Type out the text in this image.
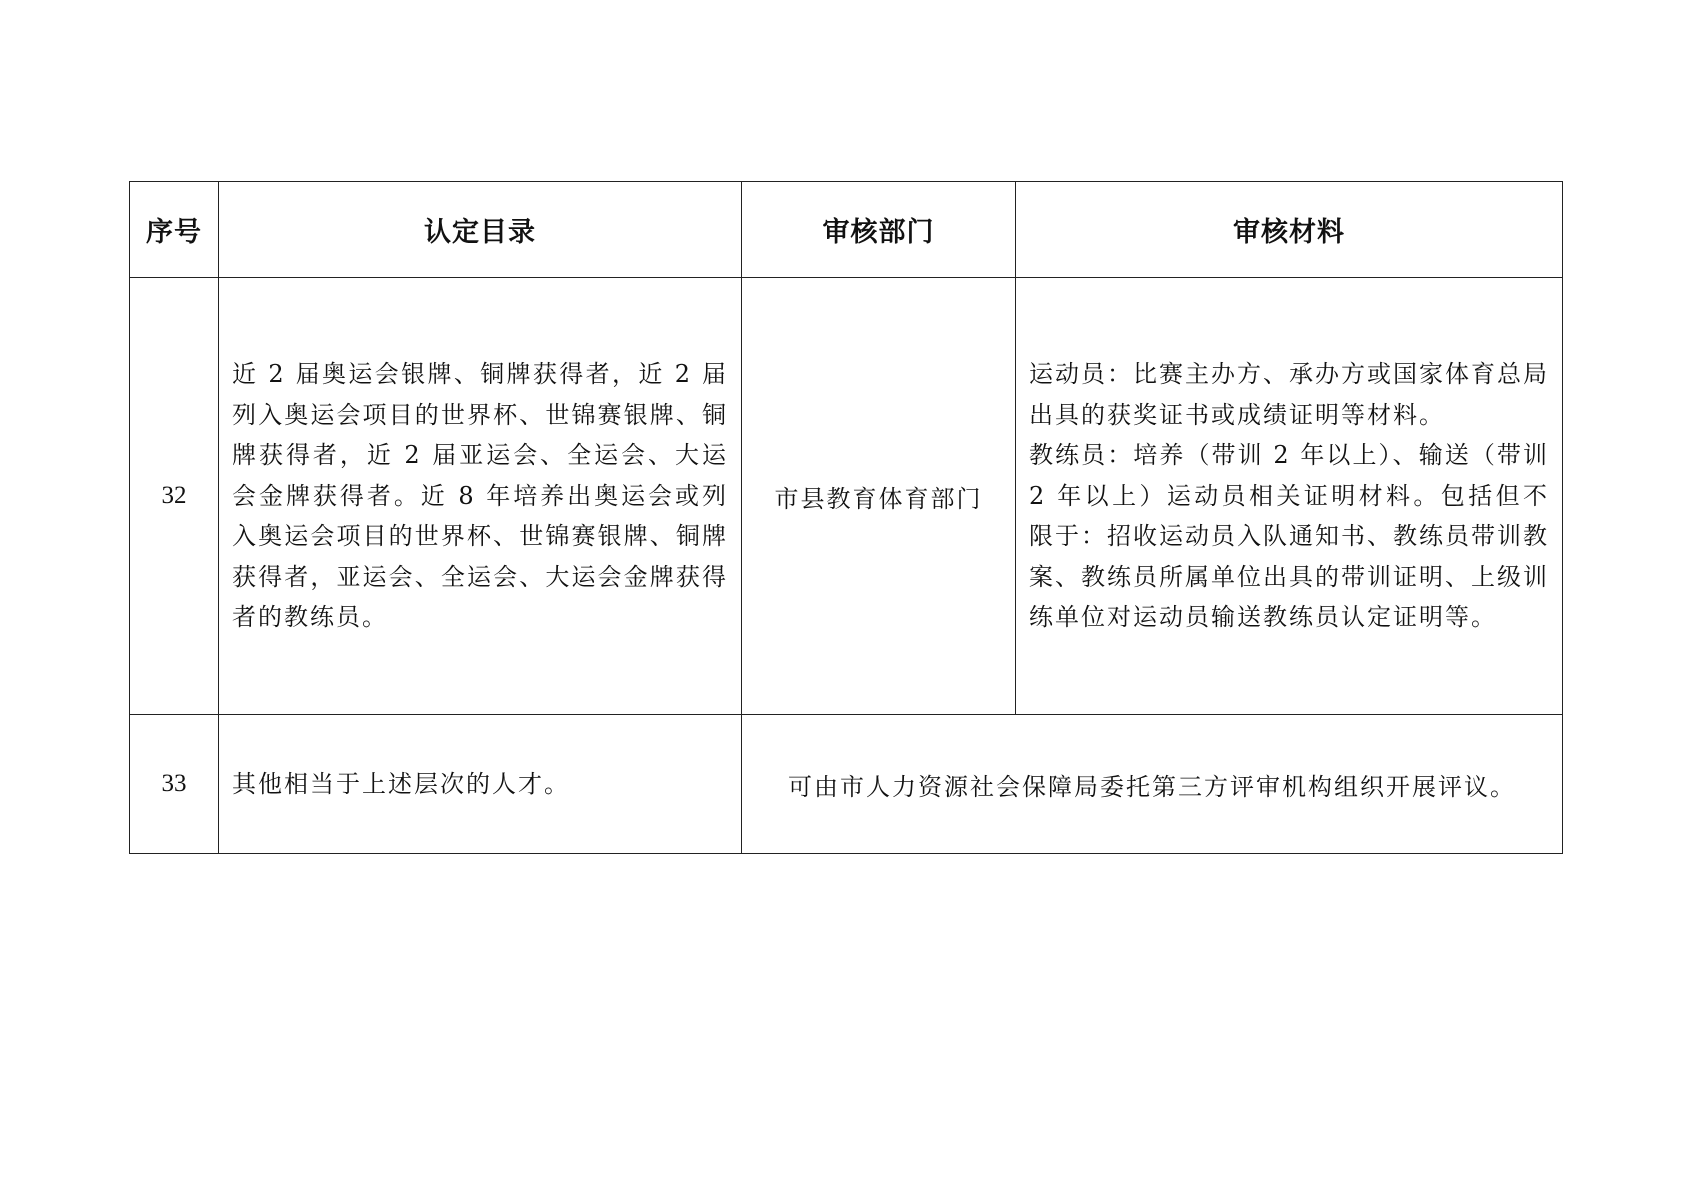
序号	认定目录	审核部门	审核材料
32	近 2 届奥运会银牌、铜牌获得者，近 2 届列入奥运会项目的世界杯、世锦赛银牌、铜牌获得者，近 2 届亚运会、全运会、大运会金牌获得者。近 8 年培养出奥运会或列入奥运会项目的世界杯、世锦赛银牌、铜牌获得者，亚运会、全运会、大运会金牌获得者的教练员。	市县教育体育部门	运动员：比赛主办方、承办方或国家体育总局出具的获奖证书或成绩证明等材料。
教练员：培养（带训 2 年以上）、输送（带训 2 年以上）运动员相关证明材料。包括但不限于：招收运动员入队通知书、教练员带训教案、教练员所属单位出具的带训证明、上级训练单位对运动员输送教练员认定证明等。

33	其他相当于上述层次的人才。	可由市人力资源社会保障局委托第三方评审机构组织开展评议。	
